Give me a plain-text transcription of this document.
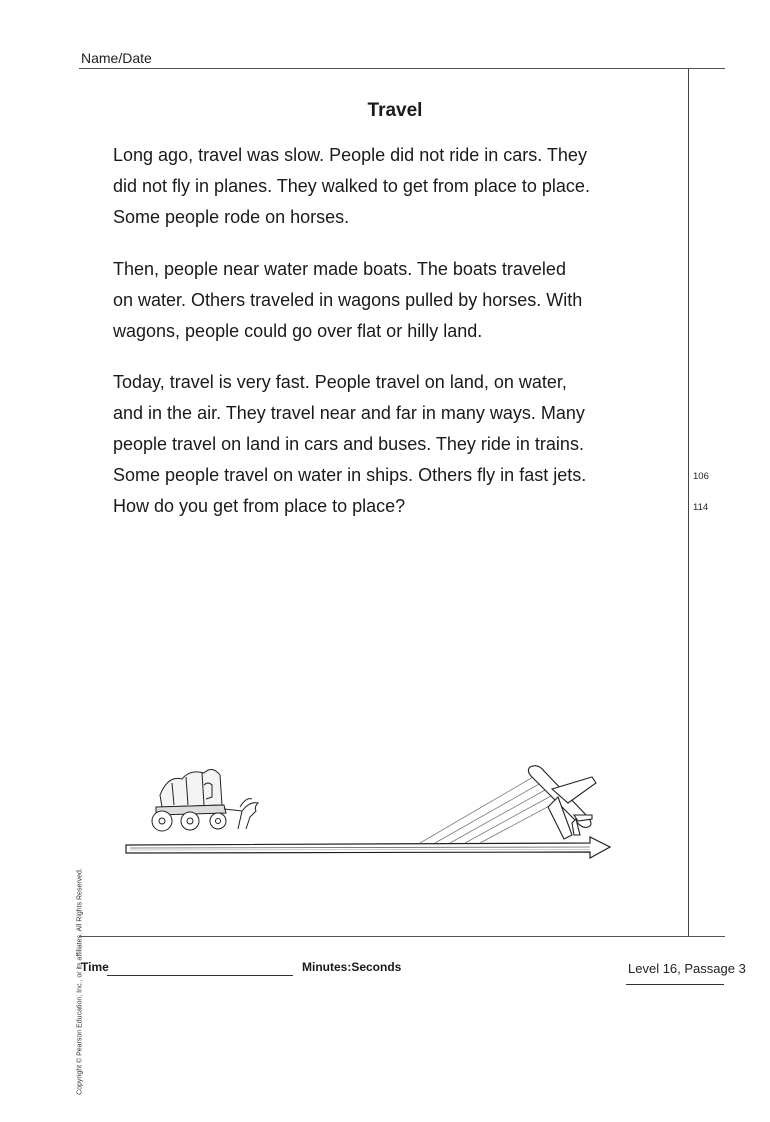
Name/Date
Travel
Long ago, travel was slow. People did not ride in cars. They
did not fly in planes. They walked to get from place to place.
Some people rode on horses.
Then, people near water made boats. The boats traveled
on water. Others traveled in wagons pulled by horses. With
wagons, people could go over flat or hilly land.
Today, travel is very fast. People travel on land, on water,
and in the air. They travel near and far in many ways. Many
people travel on land in cars and buses. They ride in trains.
Some people travel on water in ships. Others fly in fast jets.
How do you get from place to place?
106
114
Copyright © Pearson Education, Inc., or its affiliates. All Rights Reserved.
Time	Minutes:Seconds	Level 16, Passage 3
